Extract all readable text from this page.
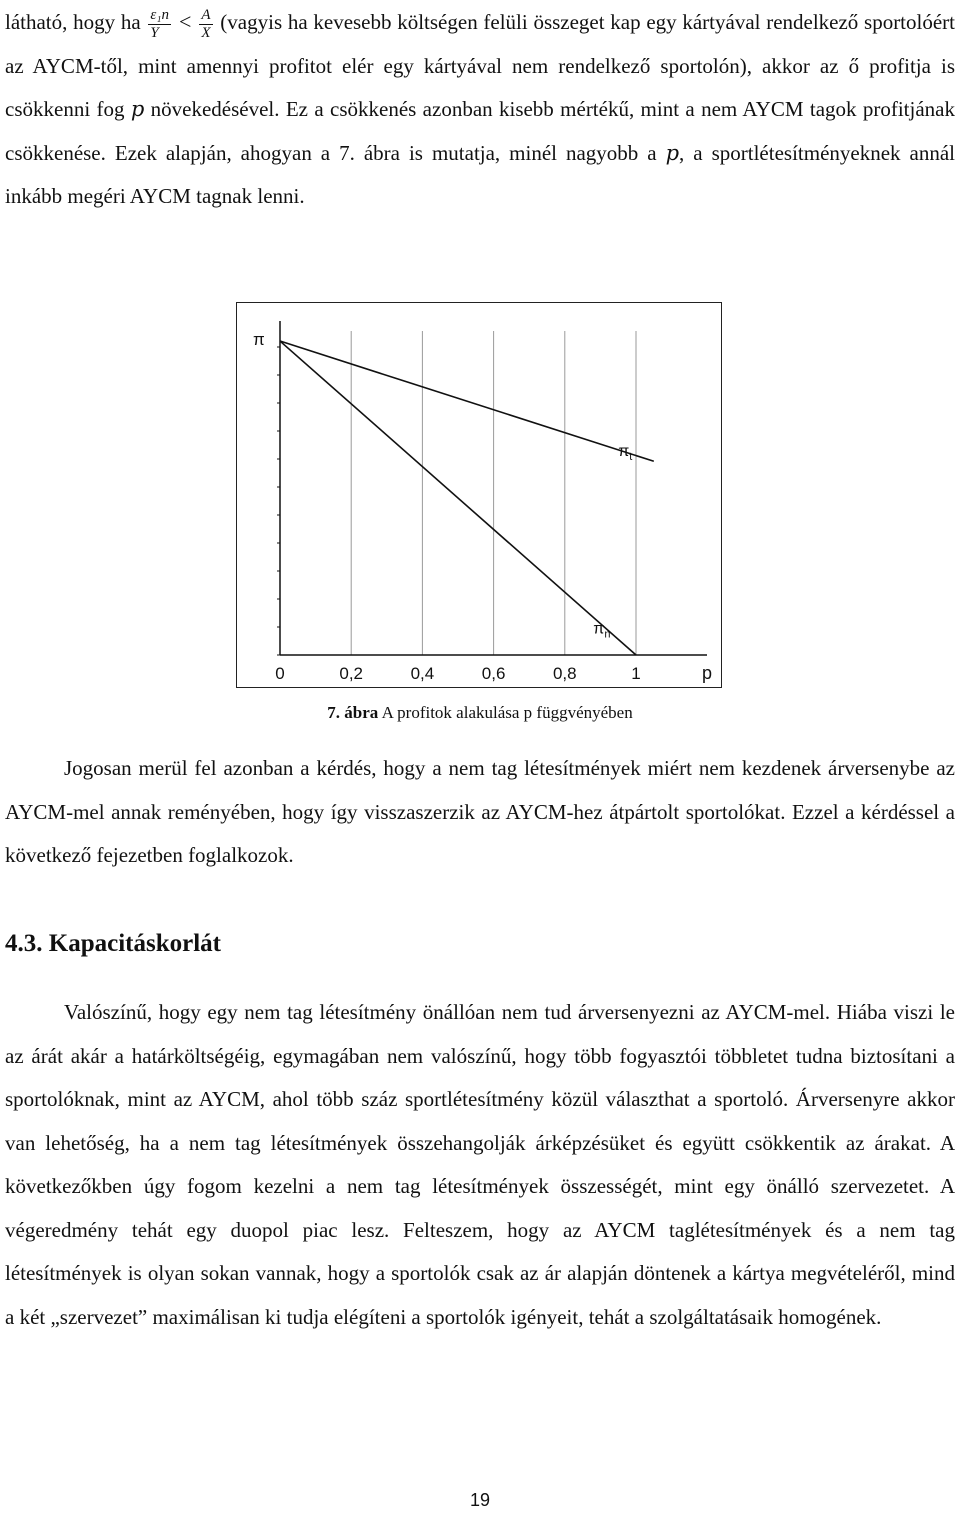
látható, hogy ha $\frac{\text{ε₁n}}{Y} < \frac{A}{X}$ (vagyis ha kevesebb költségen felüli összeget kap egy kártyával rendelkező sportolóért az AYCM-től, mint amennyi profitot elér egy kártyával nem rendelkező sportolón), akkor az ő profitja is csökkenni fog p növekedésével. Ez a csökkenés azonban kisebb mértékű, mint a nem AYCM tagok profitjának csökkenése. Ezek alapján, ahogyan a 7. ábra is mutatja, minél nagyobb a p, a sportlétesítményeknek annál inkább megéri AYCM tagnak lenni.

π
0	0,2	0,4	0,6	0,8	1	p
$\pi_t$
$\pi_n$
7. ábra A profitok alakulása p függvényében

Jogosan merül fel azonban a kérdés, hogy a nem tag létesítmények miért nem kezdenek árversenybe az AYCM-mel annak reményében, hogy így visszaszerzik az AYCM-hez átpártolt sportolókat. Ezzel a kérdéssel a következő fejezetben foglalkozok.

4.3. Kapacitáskorlát

Valószínű, hogy egy nem tag létesítmény önállóan nem tud árversenyezni az AYCM-mel. Hiába viszi le az árát akár a határköltségéig, egymagában nem valószínű, hogy több fogyasztói többletet tudna biztosítani a sportolóknak, mint az AYCM, ahol több száz sportlétesítmény közül választhat a sportoló. Árversenyre akkor van lehetőség, ha a nem tag létesítmények összehangolják árképzésüket és együtt csökkentik az árakat. A következőkben úgy fogom kezelni a nem tag létesítmények összességét, mint egy önálló szervezetet. A végeredmény tehát egy duopol piac lesz. Felteszem, hogy az AYCM taglétesítmények és a nem tag létesítmények is olyan sokan vannak, hogy a sportolók csak az ár alapján döntenek a kártya megvételéről, mind a két „szervezet” maximálisan ki tudja elégíteni a sportolók igényeit, tehát a szolgáltatásaik homogének.

19
